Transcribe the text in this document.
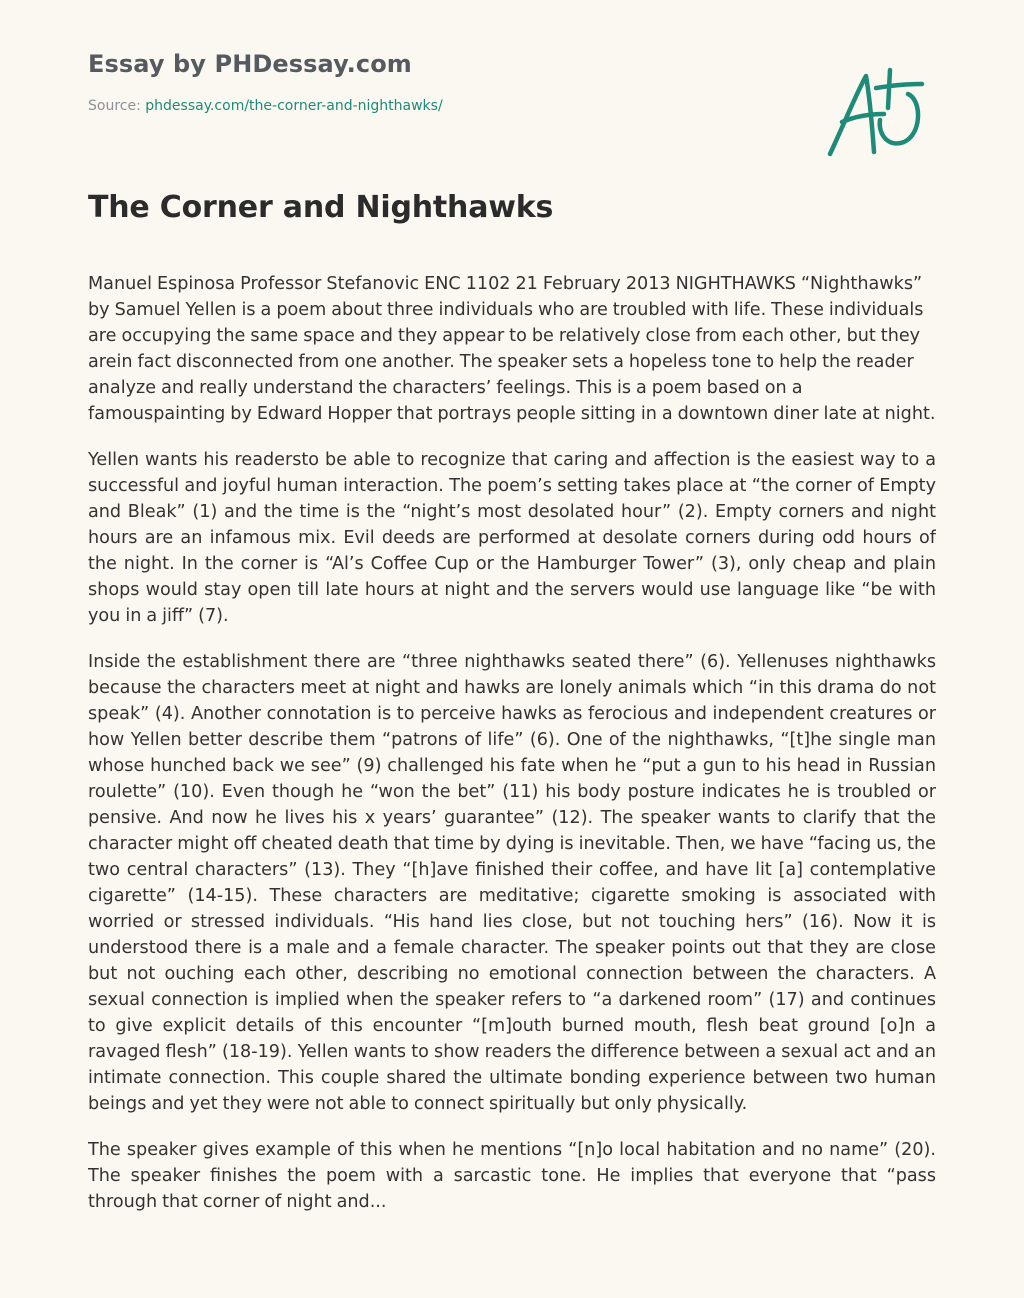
Essay by PHDessay.com
Source: phdessay.com/the-corner-and-nighthawks/
The Corner and Nighthawks

Manuel Espinosa Professor Stefanovic ENC 1102 21 February 2013 NIGHTHAWKS “Nighthawks” by Samuel Yellen is a poem about three individuals who are troubled with life. These individuals are occupying the same space and they appear to be relatively close from each other, but they arein fact disconnected from one another. The speaker sets a hopeless tone to help the reader analyze and really understand the characters’ feelings. This is a poem based on a famouspainting by Edward Hopper that portrays people sitting in a downtown diner late at night.

Yellen wants his readersto be able to recognize that caring and affection is the easiest way to a successful and joyful human interaction. The poem’s setting takes place at “the corner of Empty and Bleak” (1) and the time is the “night’s most desolated hour” (2). Empty corners and night hours are an infamous mix. Evil deeds are performed at desolate corners during odd hours of the night. In the corner is “Al’s Coffee Cup or the Hamburger Tower” (3), only cheap and plain shops would stay open till late hours at night and the servers would use language like “be with you in a jiff” (7).

Inside the establishment there are “three nighthawks seated there” (6). Yellenuses nighthawks because the characters meet at night and hawks are lonely animals which “in this drama do not speak” (4). Another connotation is to perceive hawks as ferocious and independent creatures or how Yellen better describe them “patrons of life” (6). One of the nighthawks, “[t]he single man whose hunched back we see” (9) challenged his fate when he “put a gun to his head in Russian roulette” (10). Even though he “won the bet” (11) his body posture indicates he is troubled or pensive. And now he lives his x years’ guarantee” (12). The speaker wants to clarify that the character might off cheated death that time by dying is inevitable. Then, we have “facing us, the two central characters” (13). They “[h]ave finished their coffee, and have lit [a] contemplative cigarette” (14-15). These characters are meditative; cigarette smoking is associated with worried or stressed individuals. “His hand lies close, but not touching hers” (16). Now it is understood there is a male and a female character. The speaker points out that they are close but not ouching each other, describing no emotional connection between the characters. A sexual connection is implied when the speaker refers to “a darkened room” (17) and continues to give explicit details of this encounter “[m]outh burned mouth, flesh beat ground [o]n a ravaged flesh” (18-19). Yellen wants to show readers the difference between a sexual act and an intimate connection. This couple shared the ultimate bonding experience between two human beings and yet they were not able to connect spiritually but only physically.

The speaker gives example of this when he mentions “[n]o local habitation and no name” (20). The speaker finishes the poem with a sarcastic tone. He implies that everyone that “pass through that corner of night and...
